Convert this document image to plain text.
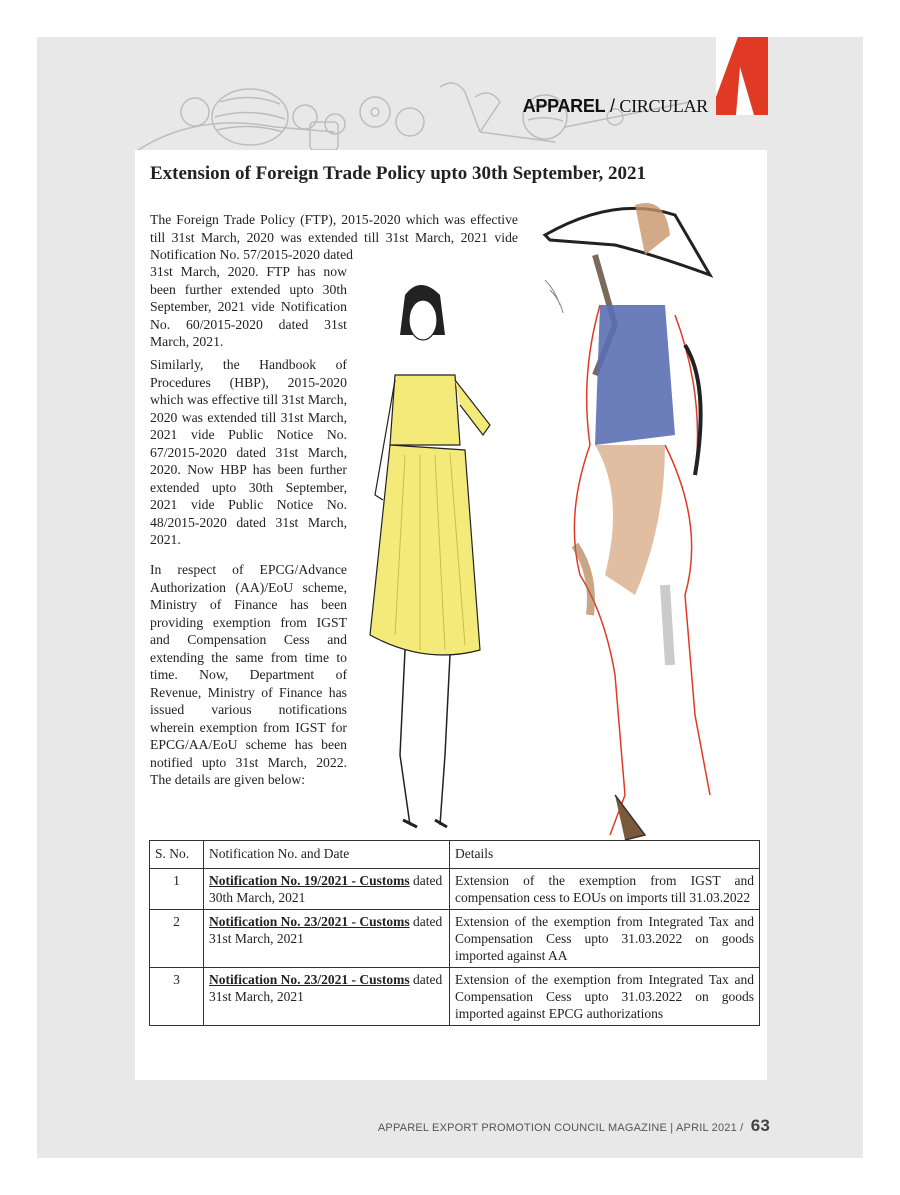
APPAREL / CIRCULAR
Extension of Foreign Trade Policy upto 30th September, 2021

The Foreign Trade Policy (FTP), 2015-2020 which was effective till 31st March, 2020 was extended till 31st March, 2021 vide Notification No. 57/2015-2020 dated

31st March, 2020. FTP has now been further extended upto 30th September, 2021 vide Notification No. 60/2015-2020 dated 31st March, 2021.

Similarly, the Handbook of Procedures (HBP), 2015-2020 which was effective till 31st March, 2020 was extended till 31st March, 2021 vide Public Notice No. 67/2015-2020 dated 31st March, 2020. Now HBP has been further extended upto 30th September, 2021 vide Public Notice No. 48/2015-2020 dated 31st March, 2021.

In respect of EPCG/Advance Authorization (AA)/EoU scheme, Ministry of Finance has been providing exemption from IGST and Compensation Cess and extending the same from time to time. Now, Department of Revenue, Ministry of Finance has issued various notifications wherein exemption from IGST for EPCG/AA/EoU scheme has been notified upto 31st March, 2022. The details are given below:

S. No.	Notification No. and Date	Details
1	Notification No. 19/2021 - Customs dated 30th March, 2021	Extension of the exemption from IGST and compensation cess to EOUs on imports till 31.03.2022
2	Notification No. 23/2021 - Customs dated 31st March, 2021	Extension of the exemption from Integrated Tax and Compensation Cess upto 31.03.2022 on goods imported against AA
3	Notification No. 23/2021 - Customs dated 31st March, 2021	Extension of the exemption from Integrated Tax and Compensation Cess upto 31.03.2022 on goods imported against EPCG authorizations
APPAREL EXPORT PROMOTION COUNCIL MAGAZINE | APRIL 2021 / 63
